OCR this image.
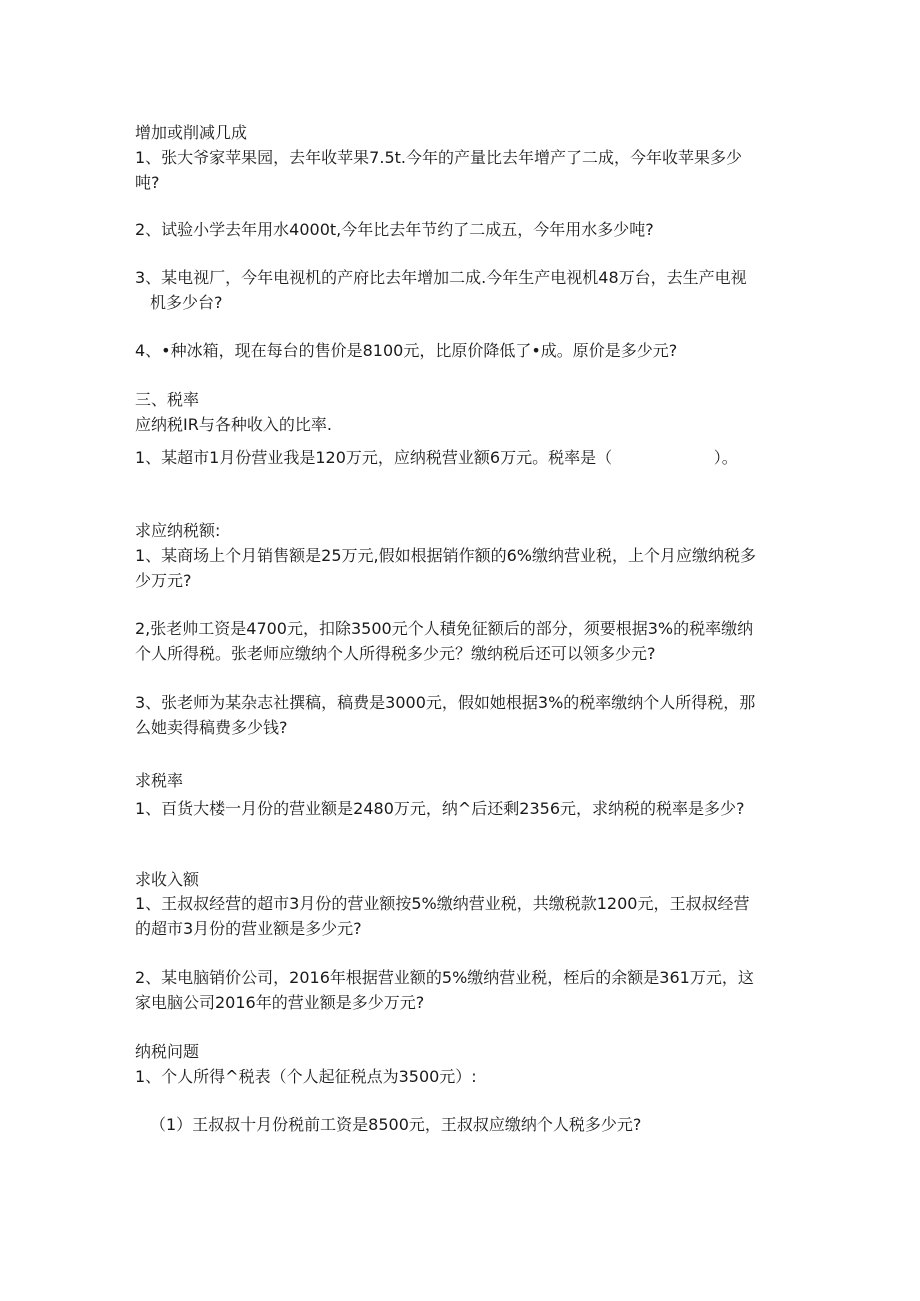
增加或削减几成

1、张大爷家苹果园，去年收苹果7.5t.今年的产量比去年增产了二成，今年收苹果多少

吨?

2、试验小学去年用水4000t,今年比去年节约了二成五，今年用水多少吨?

3、某电视厂，今年电视机的产府比去年增加二成.今年生产电视机48万台，去生产电视

机多少台?

4、•种冰箱，现在每台的售价是8100元，比原价降低了•成。原价是多少元?

三、税率

应纳税IR与各种收入的比率.

1、某超市1月份营业我是120万元，应纳税营业额6万元。税率是（                    ）。

求应纳税额:

1、某商场上个月销售额是25万元,假如根据销作额的6%缴纳营业税，上个月应缴纳税多

少万元?

2,张老帅工资是4700元，扣除3500元个人積免征额后的部分，须要根据3%的税率缴纳

个人所得税。张老师应缴纳个人所得税多少元？缴纳税后还可以领多少元?

3、张老师为某杂志社撰稿，稿费是3000元，假如她根据3%的税率缴纳个人所得税，那

么她卖得稿费多少钱?

求税率

1、百货大楼一月份的营业额是2480万元，纳^后还剩2356元，求纳税的税率是多少?

求收入额

1、王叔叔经营的超市3月份的营业额按5%缴纳营业税，共缴税款1200元，王叔叔经营

的超市3月份的营业额是多少元?

2、某电脑销价公司，2016年根据营业额的5%缴纳营业税，桎后的余额是361万元，这

家电脑公司2016年的营业额是多少万元?

纳税问题

1、个人所得^税表（个人起征税点为3500元）:

（1）王叔叔十月份税前工资是8500元，王叔叔应缴纳个人税多少元?
